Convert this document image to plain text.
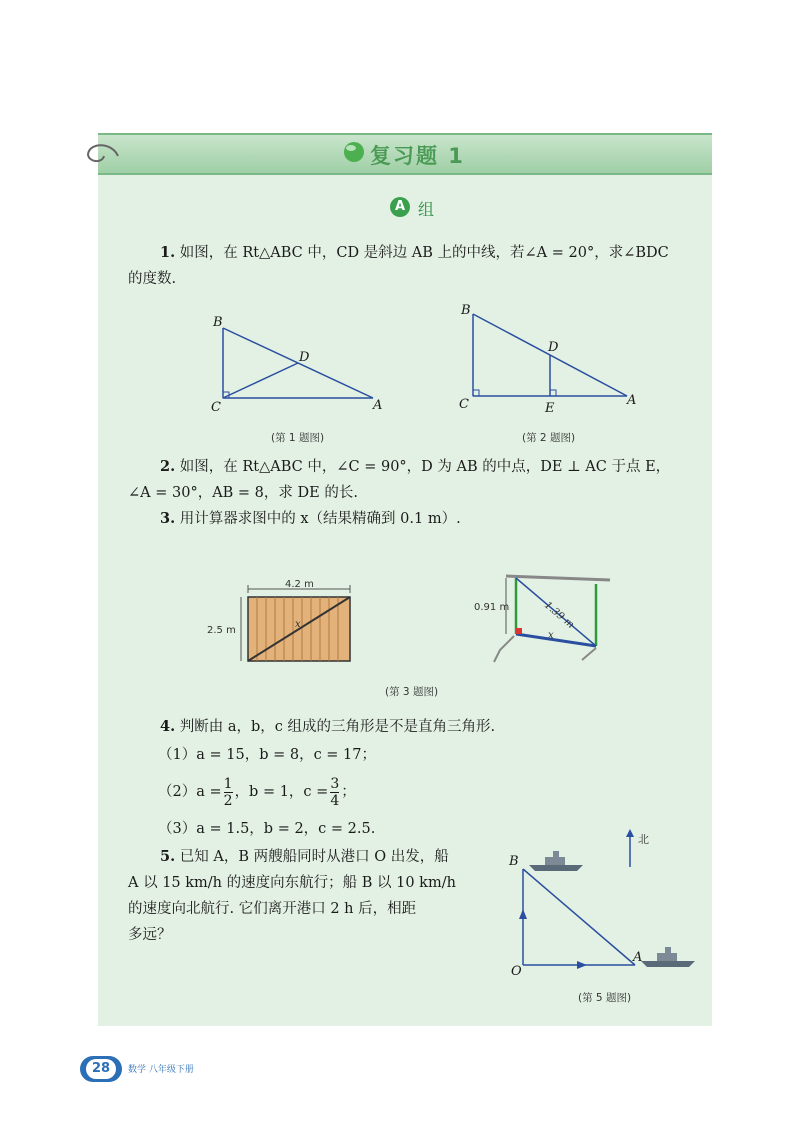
复习题 1
A 组
1. 如图，在 Rt△ABC 中，CD 是斜边 AB 上的中线，若∠A = 20°，求∠BDC
的度数.
B
C	A
D
(第 1 题图)
B
C	A
D
E
(第 2 题图)
2. 如图，在 Rt△ABC 中，∠C = 90°，D 为 AB 的中点，DE ⊥ AC 于点 E，
∠A = 30°，AB = 8，求 DE 的长.
3. 用计算器求图中的 x（结果精确到 0.1 m）.
4.2 m
2.5 m
x
0.91 m	1.39 m
x
(第 3 题图)
4. 判断由 a，b，c 组成的三角形是不是直角三角形.
（1）a = 15，b = 8，c = 17；
$(2)a = \frac{1}{2}$ ，b = 1，$c = \frac{3}{4}$ ；
（3）a = 1.5，b = 2，c = 2.5.
5. 已知 A，B 两艘船同时从港口 O 出发，船
A 以 15 km/h 的速度向东航行；船 B 以 10 km/h
的速度向北航行. 它们离开港口 2 h 后，相距
多远？
北
B
A
O
(第 5 题图)
28	数学 八年级下册
